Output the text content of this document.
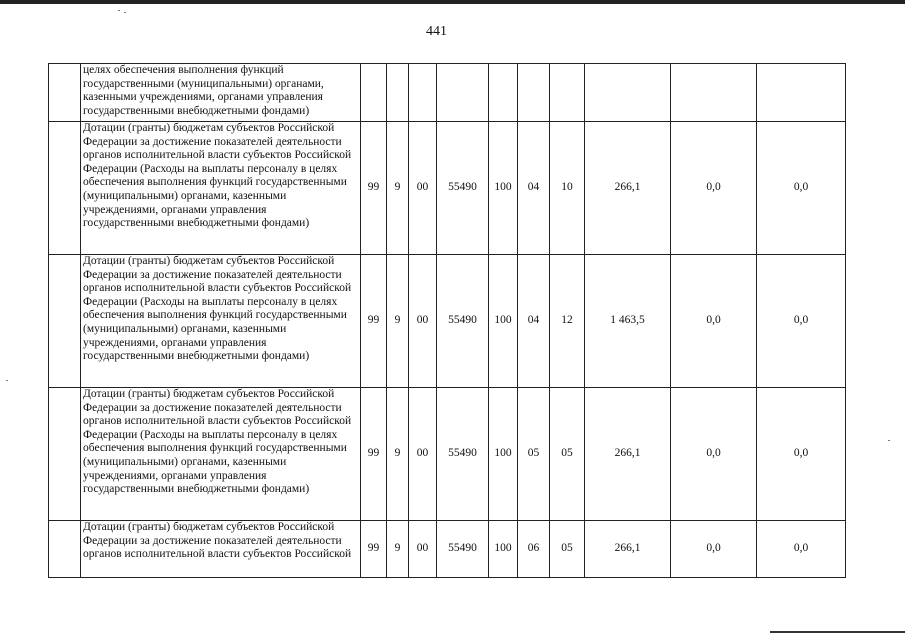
441
	целях обеспечения выполнения функций государственными (муниципальными) органами, казенными учреждениями, органами управления государственными внебюджетными фондами)										
	Дотации (гранты) бюджетам субъектов Российской Федерации за достижение показателей деятельности органов исполнительной власти субъектов Российской Федерации (Расходы на выплаты персоналу в целях обеспечения выполнения функций государственными (муниципальными) органами, казенными учреждениями, органами управления государственными внебюджетными фондами)	99	9	00	55490	100	04	10	266,1	0,0	0,0
	Дотации (гранты) бюджетам субъектов Российской Федерации за достижение показателей деятельности органов исполнительной власти субъектов Российской Федерации (Расходы на выплаты персоналу в целях обеспечения выполнения функций государственными (муниципальными) органами, казенными учреждениями, органами управления государственными внебюджетными фондами)	99	9	00	55490	100	04	12	1 463,5	0,0	0,0
	Дотации (гранты) бюджетам субъектов Российской Федерации за достижение показателей деятельности органов исполнительной власти субъектов Российской Федерации (Расходы на выплаты персоналу в целях обеспечения выполнения функций государственными (муниципальными) органами, казенными учреждениями, органами управления государственными внебюджетными фондами)	99	9	00	55490	100	05	05	266,1	0,0	0,0
	Дотации (гранты) бюджетам субъектов Российской Федерации за достижение показателей деятельности органов исполнительной власти субъектов Российской	99	9	00	55490	100	06	05	266,1	0,0	0,0
